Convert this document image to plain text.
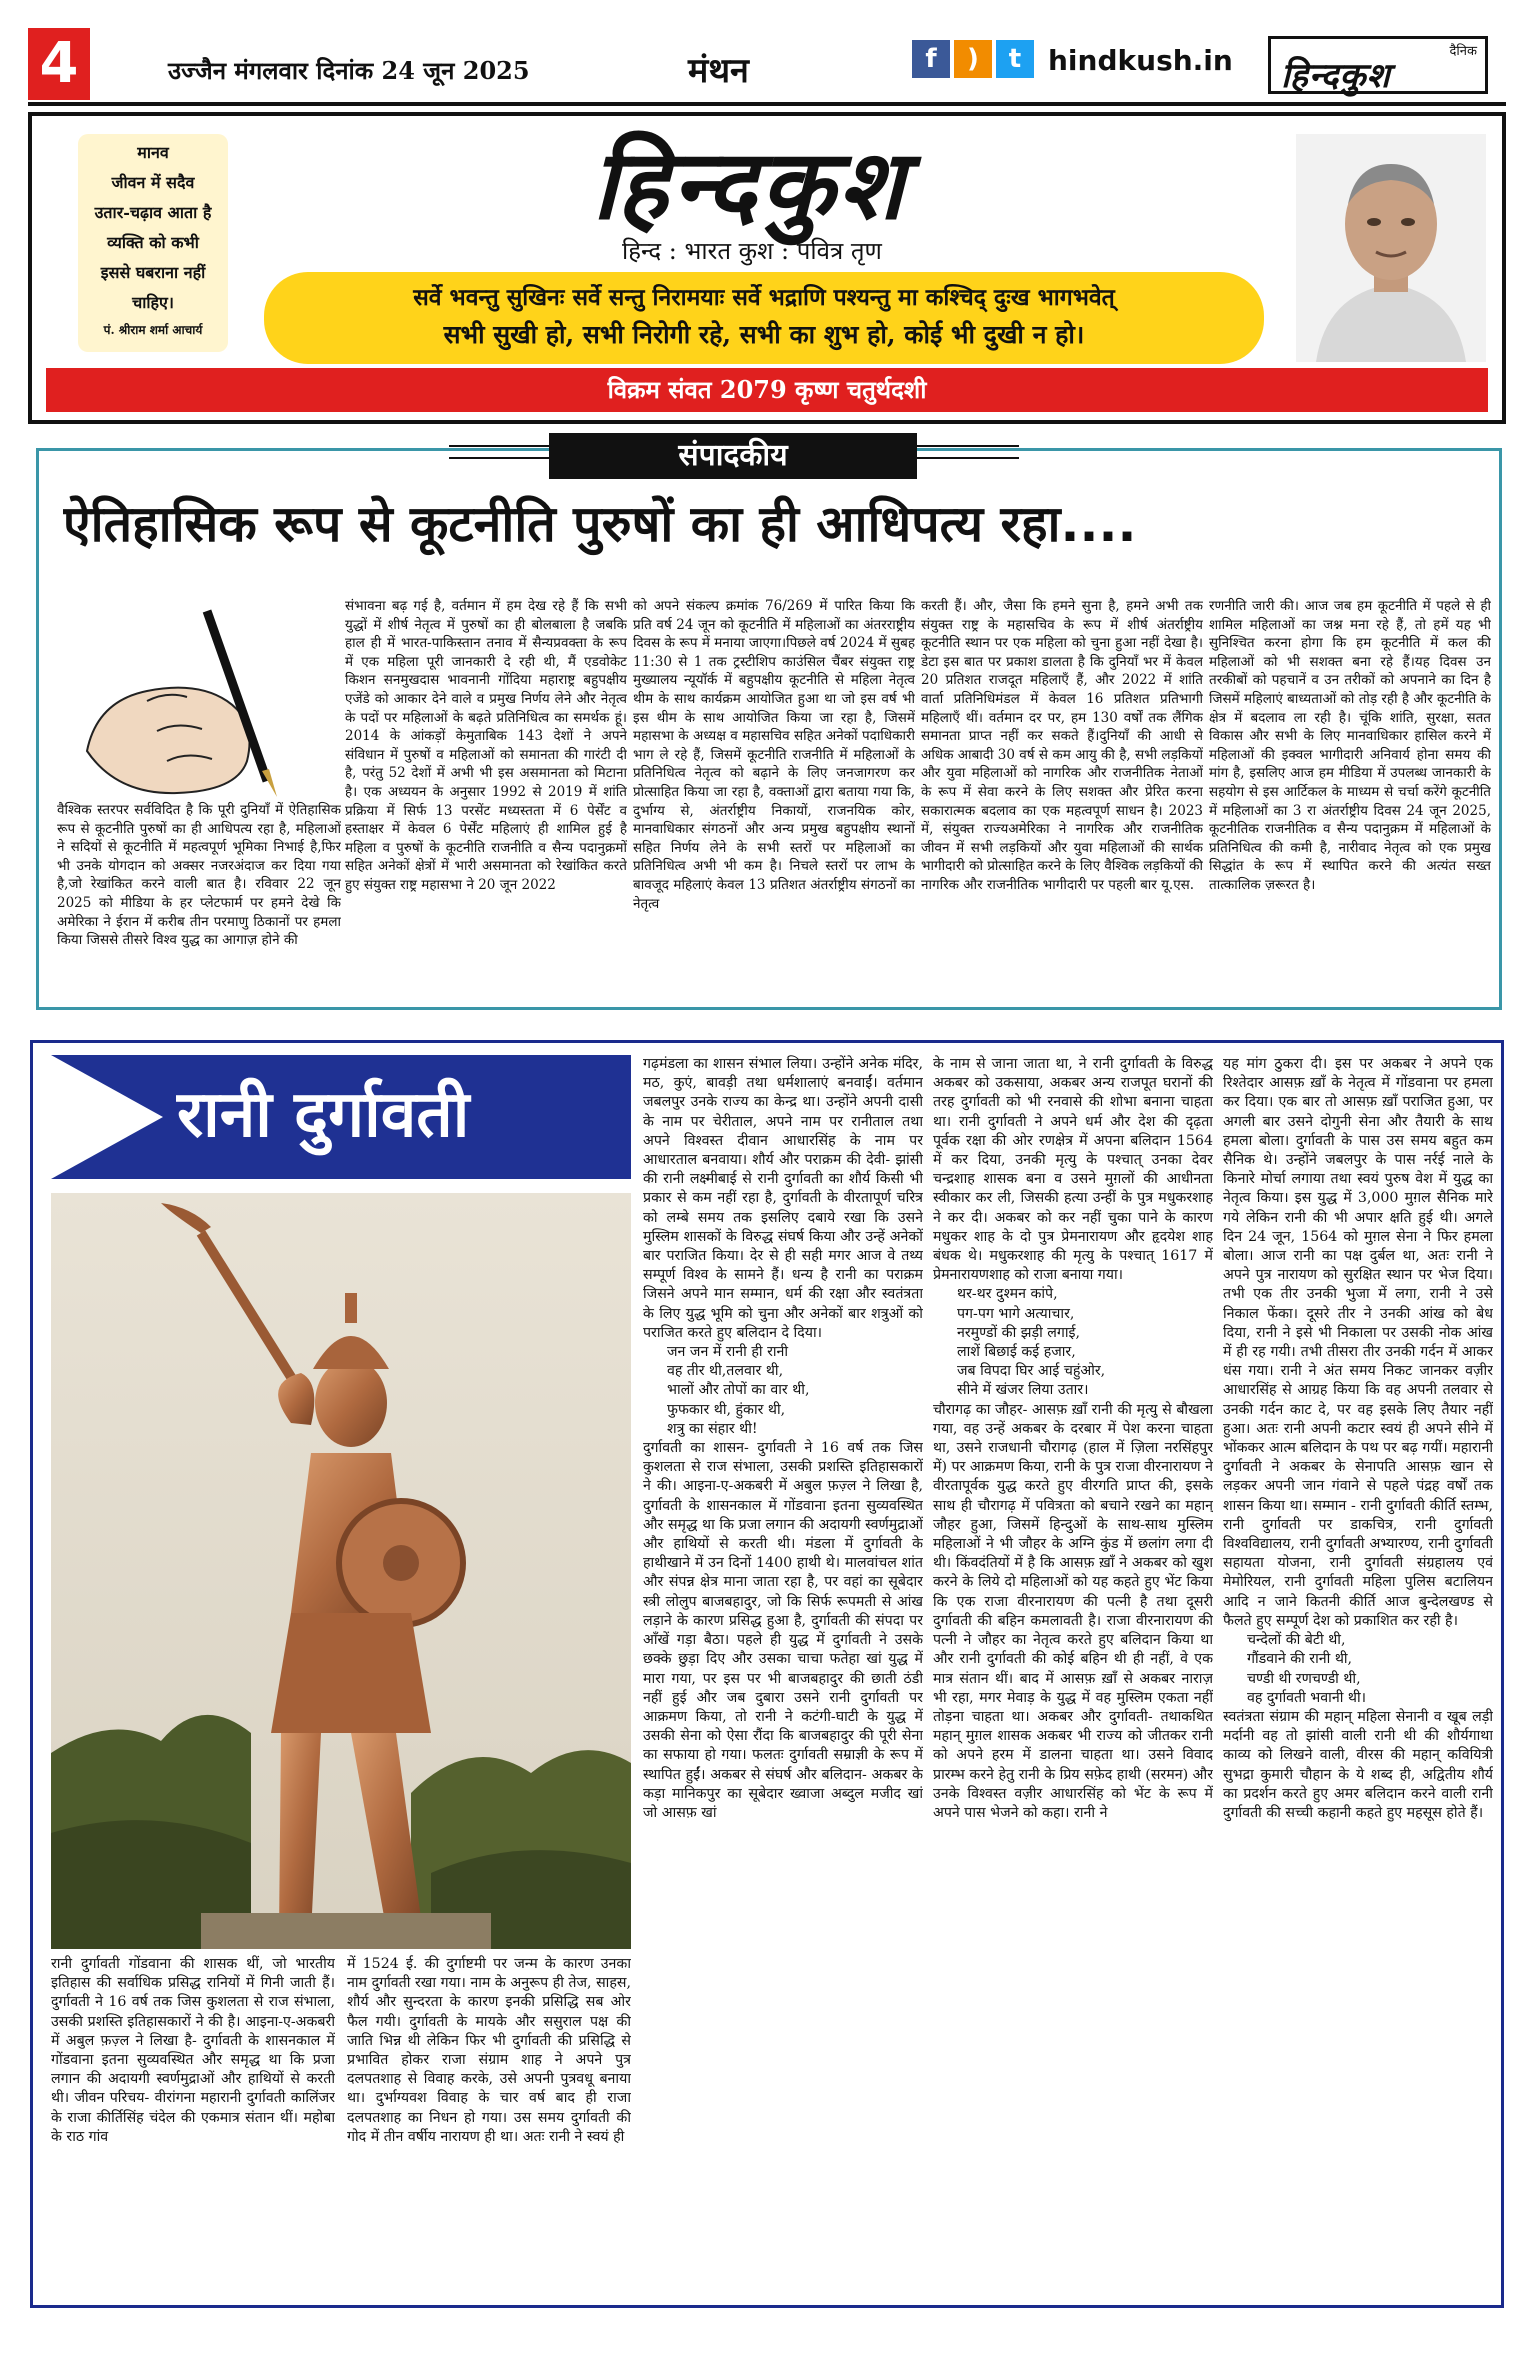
4	उज्जैन मंगलवार दिनांक 24 जून 2025	मंथन	f	)	t hindkush.in	दैनिक
हिन्दकुश
मानव
जीवन में सदैव
उतार-चढ़ाव आता है
व्यक्ति को कभी
इससे घबराना नहीं
चाहिए।
पं. श्रीराम शर्मा आचार्य
हिन्दकुश
हिन्द : भारत कुश : पवित्र तृण
सर्वे भवन्तु सुखिनः सर्वे सन्तु निरामयाः सर्वे भद्राणि पश्यन्तु मा कश्चिद् दुःख भागभवेत्
सभी सुखी हो, सभी निरोगी रहे, सभी का शुभ हो, कोई भी दुखी न हो।
विक्रम संवत 2079 कृष्ण चतुर्थदशी
संपादकीय
ऐतिहासिक रूप से कूटनीति पुरुषों का ही आधिपत्य रहा....
वैश्विक स्तरपर सर्वविदित है कि पूरी दुनियाँ में ऐतिहासिक रूप से कूटनीति पुरुषों का ही आधिपत्य रहा है, महिलाओं ने सदियों से कूटनीति में महत्वपूर्ण भूमिका निभाई है,फिर भी उनके योगदान को अक्सर नजरअंदाज कर दिया गया है,जो रेखांकित करने वाली बात है। रविवार 22 जून 2025 को मीडिया के हर प्लेटफार्म पर हमने देखे कि अमेरिका ने ईरान में करीब तीन परमाणु ठिकानों पर हमला किया जिससे तीसरे विश्व युद्ध का आगाज़ होने की
संभावना बढ़ गई है, वर्तमान में हम देख रहे हैं कि सभी युद्धों में शीर्ष नेतृत्व में पुरुषों का ही बोलबाला है जबकि हाल ही में भारत-पाकिस्तान तनाव में सैन्यप्रवक्ता के रूप में एक महिला पूरी जानकारी दे रही थी, मैं एडवोकेट किशन सनमुखदास भावनानी गोंदिया महाराष्ट्र बहुपक्षीय एजेंडे को आकार देने वाले व प्रमुख निर्णय लेने और नेतृत्व के पदों पर महिलाओं के बढ़ते प्रतिनिधित्व का समर्थक हूं।2014 के आंकड़ों केमुताबिक 143 देशों ने अपने संविधान में पुरुषों व महिलाओं को समानता की गारंटी दी है, परंतु 52 देशों में अभी भी इस असमानता को मिटाना है। एक अध्ययन के अनुसार 1992 से 2019 में शांति प्रक्रिया में सिर्फ 13 परसेंट मध्यस्तता में 6 पेर्सेंट व हस्ताक्षर में केवल 6 पेर्सेंट महिलाएं ही शामिल हुई है महिला व पुरुषों के कूटनीति राजनीति व सैन्य पदानुक्रमों सहित अनेकों क्षेत्रों में भारी असमानता को रेखांकित करते हुए संयुक्त राष्ट्र महासभा ने 20 जून 2022
को अपने संकल्प क्रमांक 76/269 में पारित किया कि प्रति वर्ष 24 जून को कूटनीति में महिलाओं का अंतरराष्ट्रीय दिवस के रूप में मनाया जाएगा।पिछले वर्ष 2024 में सुबह 11:30 से 1 तक ट्रस्टीशिप काउंसिल चैंबर संयुक्त राष्ट्र मुख्यालय न्यूयॉर्क में बहुपक्षीय कूटनीति से महिला नेतृत्व थीम के साथ कार्यक्रम आयोजित हुआ था जो इस वर्ष भी इस थीम के साथ आयोजित किया जा रहा है, जिसमें महासभा के अध्यक्ष व महासचिव सहित अनेकों पदाधिकारी भाग ले रहे हैं, जिसमें कूटनीति राजनीति में महिलाओं के प्रतिनिधित्व नेतृत्व को बढ़ाने के लिए जनजागरण कर प्रोत्साहित किया जा रहा है, वक्ताओं द्वारा बताया गया कि, दुर्भाग्य से, अंतर्राष्ट्रीय निकायों, राजनयिक कोर, मानवाधिकार संगठनों और अन्य प्रमुख बहुपक्षीय स्थानों सहित निर्णय लेने के सभी स्तरों पर महिलाओं का प्रतिनिधित्व अभी भी कम है। निचले स्तरों पर लाभ के बावजूद महिलाएं केवल 13 प्रतिशत अंतर्राष्ट्रीय संगठनों का नेतृत्व
करती हैं। और, जैसा कि हमने सुना है, हमने अभी तक संयुक्त राष्ट्र के महासचिव के रूप में शीर्ष अंतर्राष्ट्रीय कूटनीति स्थान पर एक महिला को चुना हुआ नहीं देखा है।डेटा इस बात पर प्रकाश डालता है कि दुनियाँ भर में केवल 20 प्रतिशत राजदूत महिलाएँ हैं, और 2022 में शांति वार्ता प्रतिनिधिमंडल में केवल 16 प्रतिशत प्रतिभागी महिलाएँ थीं। वर्तमान दर पर, हम 130 वर्षों तक लैंगिक समानता प्राप्त नहीं कर सकते हैं।दुनियाँ की आधी से अधिक आबादी 30 वर्ष से कम आयु की है, सभी लड़कियों और युवा महिलाओं को नागरिक और राजनीतिक नेताओं के रूप में सेवा करने के लिए सशक्त और प्रेरित करना सकारात्मक बदलाव का एक महत्वपूर्ण साधन है। 2023 में, संयुक्त राज्यअमेरिका ने नागरिक और राजनीतिक जीवन में सभी लड़कियों और युवा महिलाओं की सार्थक भागीदारी को प्रोत्साहित करने के लिए वैश्विक लड़कियों की नागरिक और राजनीतिक भागीदारी पर पहली बार यू.एस.
रणनीति जारी की। आज जब हम कूटनीति में पहले से ही शामिल महिलाओं का जश्न मना रहे हैं, तो हमें यह भी सुनिश्चित करना होगा कि हम कूटनीति में कल की महिलाओं को भी सशक्त बना रहे हैं।यह दिवस उन तरकीबों को पहचानें व उन तरीकों को अपनाने का दिन है जिसमें महिलाएं बाध्यताओं को तोड़ रही है और कूटनीति के क्षेत्र में बदलाव ला रही है। चूंकि शांति, सुरक्षा, सतत विकास और सभी के लिए मानवाधिकार हासिल करने में महिलाओं की इक्वल भागीदारी अनिवार्य होना समय की मांग है, इसलिए आज हम मीडिया में उपलब्ध जानकारी के सहयोग से इस आर्टिकल के माध्यम से चर्चा करेंगे कूटनीति में महिलाओं का 3 रा अंतर्राष्ट्रीय दिवस 24 जून 2025, कूटनीतिक राजनीतिक व सैन्य पदानुक्रम में महिलाओं के प्रतिनिधित्व की कमी है, नारीवाद नेतृत्व को एक प्रमुख सिद्धांत के रूप में स्थापित करने की अत्यंत सख्त तात्कालिक ज़रूरत है।
रानी दुर्गावती
रानी दुर्गावती गोंडवाना की शासक थीं, जो भारतीय इतिहास की सर्वाधिक प्रसिद्ध रानियों में गिनी जाती हैं। दुर्गावती ने 16 वर्ष तक जिस कुशलता से राज संभाला, उसकी प्रशस्ति इतिहासकारों ने की है। आइना-ए-अकबरी में अबुल फ़ज़्ल ने लिखा है- दुर्गावती के शासनकाल में गोंडवाना इतना सुव्यवस्थित और समृद्ध था कि प्रजा लगान की अदायगी स्वर्णमुद्राओं और हाथियों से करती थी। जीवन परिचय- वीरांगना महारानी दुर्गावती कालिंजर के राजा कीर्तिसिंह चंदेल की एकमात्र संतान थीं। महोबा के राठ गांव
में 1524 ई. की दुर्गाष्टमी पर जन्म के कारण उनका नाम दुर्गावती रखा गया। नाम के अनुरूप ही तेज, साहस, शौर्य और सुन्दरता के कारण इनकी प्रसिद्धि सब ओर फैल गयी। दुर्गावती के मायके और ससुराल पक्ष की जाति भिन्न थी लेकिन फिर भी दुर्गावती की प्रसिद्धि से प्रभावित होकर राजा संग्राम शाह ने अपने पुत्र दलपतशाह से विवाह करके, उसे अपनी पुत्रवधू बनाया था। दुर्भाग्यवश विवाह के चार वर्ष बाद ही राजा दलपतशाह का निधन हो गया। उस समय दुर्गावती की गोद में तीन वर्षीय नारायण ही था। अतः रानी ने स्वयं ही
गढ़मंडला का शासन संभाल लिया। उन्होंने अनेक मंदिर, मठ, कुएं, बावड़ी तथा धर्मशालाएं बनवाईं। वर्तमान जबलपुर उनके राज्य का केन्द्र था। उन्होंने अपनी दासी के नाम पर चेरीताल, अपने नाम पर रानीताल तथा अपने विश्वस्त दीवान आधारसिंह के नाम पर आधारताल बनवाया। शौर्य और पराक्रम की देवी- झांसी की रानी लक्ष्मीबाई से रानी दुर्गावती का शौर्य किसी भी प्रकार से कम नहीं रहा है, दुर्गावती के वीरतापूर्ण चरित्र को लम्बे समय तक इसलिए दबाये रखा कि उसने मुस्लिम शासकों के विरुद्ध संघर्ष किया और उन्हें अनेकों बार पराजित किया। देर से ही सही मगर आज वे तथ्य सम्पूर्ण विश्व के सामने हैं। धन्य है रानी का पराक्रम जिसने अपने मान सम्मान, धर्म की रक्षा और स्वतंत्रता के लिए युद्ध भूमि को चुना और अनेकों बार शत्रुओं को पराजित करते हुए बलिदान दे दिया।
जन जन में रानी ही रानी
वह तीर थी,तलवार थी,
भालों और तोपों का वार थी,
फुफकार थी, हुंकार थी,
शत्रु का संहार थी!
दुर्गावती का शासन- दुर्गावती ने 16 वर्ष तक जिस कुशलता से राज संभाला, उसकी प्रशस्ति इतिहासकारों ने की। आइना-ए-अकबरी में अबुल फ़ज़्ल ने लिखा है, दुर्गावती के शासनकाल में गोंडवाना इतना सुव्यवस्थित और समृद्ध था कि प्रजा लगान की अदायगी स्वर्णमुद्राओं और हाथियों से करती थी। मंडला में दुर्गावती के हाथीखाने में उन दिनों 1400 हाथी थे। मालवांचल शांत और संपन्न क्षेत्र माना जाता रहा है, पर वहां का सूबेदार स्त्री लोलुप बाजबहादुर, जो कि सिर्फ रूपमती से आंख लड़ाने के कारण प्रसिद्ध हुआ है, दुर्गावती की संपदा पर आँखें गड़ा बैठा। पहले ही युद्ध में दुर्गावती ने उसके छक्के छुड़ा दिए और उसका चाचा फतेहा खां युद्ध में मारा गया, पर इस पर भी बाजबहादुर की छाती ठंडी नहीं हुई और जब दुबारा उसने रानी दुर्गावती पर आक्रमण किया, तो रानी ने कटंगी-घाटी के युद्ध में उसकी सेना को ऐसा रौंदा कि बाजबहादुर की पूरी सेना का सफाया हो गया। फलतः दुर्गावती सम्राज्ञी के रूप में स्थापित हुईं। अकबर से संघर्ष और बलिदान- अकबर के कड़ा मानिकपुर का सूबेदार ख्वाजा अब्दुल मजीद खां जो आसफ़ खां
के नाम से जाना जाता था, ने रानी दुर्गावती के विरुद्ध अकबर को उकसाया, अकबर अन्य राजपूत घरानों की तरह दुर्गावती को भी रनवासे की शोभा बनाना चाहता था। रानी दुर्गावती ने अपने धर्म और देश की दृढ़ता पूर्वक रक्षा की ओर रणक्षेत्र में अपना बलिदान 1564 में कर दिया, उनकी मृत्यु के पश्चात् उनका देवर चन्द्रशाह शासक बना व उसने मुग़लों की आधीनता स्वीकार कर ली, जिसकी हत्या उन्हीं के पुत्र मधुकरशाह ने कर दी। अकबर को कर नहीं चुका पाने के कारण मधुकर शाह के दो पुत्र प्रेमनारायण और हृदयेश शाह बंधक थे। मधुकरशाह की मृत्यु के पश्चात् 1617 में प्रेमनारायणशाह को राजा बनाया गया।
थर-थर दुश्मन कांपे,
पग-पग भागे अत्याचार,
नरमुण्डों की झड़ी लगाई,
लाशें बिछाई कई हजार,
जब विपदा घिर आई चहुंओर,
सीने में खंजर लिया उतार।
चौरागढ़ का जौहर- आसफ़ ख़ाँ रानी की मृत्यु से बौखला गया, वह उन्हें अकबर के दरबार में पेश करना चाहता था, उसने राजधानी चौरागढ़ (हाल में ज़िला नरसिंहपुर में) पर आक्रमण किया, रानी के पुत्र राजा वीरनारायण ने वीरतापूर्वक युद्ध करते हुए वीरगति प्राप्त की, इसके साथ ही चौरागढ़ में पवित्रता को बचाने रखने का महान् जौहर हुआ, जिसमें हिन्दुओं के साथ-साथ मुस्लिम महिलाओं ने भी जौहर के अग्नि कुंड में छलांग लगा दी थी। किंवदंतियों में है कि आसफ़ ख़ाँ ने अकबर को खुश करने के लिये दो महिलाओं को यह कहते हुए भेंट किया कि एक राजा वीरनारायण की पत्नी है तथा दूसरी दुर्गावती की बहिन कमलावती है। राजा वीरनारायण की पत्नी ने जौहर का नेतृत्व करते हुए बलिदान किया था और रानी दुर्गावती की कोई बहिन थी ही नहीं, वे एक मात्र संतान थीं। बाद में आसफ़ ख़ाँ से अकबर नाराज़ भी रहा, मगर मेवाड़ के युद्ध में वह मुस्लिम एकता नहीं तोड़ना चाहता था। अकबर और दुर्गावती- तथाकथित महान् मुग़ल शासक अकबर भी राज्य को जीतकर रानी को अपने हरम में डालना चाहता था। उसने विवाद प्रारम्भ करने हेतु रानी के प्रिय सफ़ेद हाथी (सरमन) और उनके विश्वस्त वज़ीर आधारसिंह को भेंट के रूप में अपने पास भेजने को कहा। रानी ने
यह मांग ठुकरा दी। इस पर अकबर ने अपने एक रिश्तेदार आसफ़ ख़ाँ के नेतृत्व में गोंडवाना पर हमला कर दिया। एक बार तो आसफ़ ख़ाँ पराजित हुआ, पर अगली बार उसने दोगुनी सेना और तैयारी के साथ हमला बोला। दुर्गावती के पास उस समय बहुत कम सैनिक थे। उन्होंने जबलपुर के पास नर्रई नाले के किनारे मोर्चा लगाया तथा स्वयं पुरुष वेश में युद्ध का नेतृत्व किया। इस युद्ध में 3,000 मुग़ल सैनिक मारे गये लेकिन रानी की भी अपार क्षति हुई थी। अगले दिन 24 जून, 1564 को मुग़ल सेना ने फिर हमला बोला। आज रानी का पक्ष दुर्बल था, अतः रानी ने अपने पुत्र नारायण को सुरक्षित स्थान पर भेज दिया। तभी एक तीर उनकी भुजा में लगा, रानी ने उसे निकाल फेंका। दूसरे तीर ने उनकी आंख को बेध दिया, रानी ने इसे भी निकाला पर उसकी नोक आंख में ही रह गयी। तभी तीसरा तीर उनकी गर्दन में आकर धंस गया। रानी ने अंत समय निकट जानकर वज़ीर आधारसिंह से आग्रह किया कि वह अपनी तलवार से उनकी गर्दन काट दे, पर वह इसके लिए तैयार नहीं हुआ। अतः रानी अपनी कटार स्वयं ही अपने सीने में भोंककर आत्म बलिदान के पथ पर बढ़ गयीं। महारानी दुर्गावती ने अकबर के सेनापति आसफ़ खान से लड़कर अपनी जान गंवाने से पहले पंद्रह वर्षों तक शासन किया था। सम्मान - रानी दुर्गावती कीर्ति स्तम्भ, रानी दुर्गावती पर डाकचित्र, रानी दुर्गावती विश्वविद्यालय, रानी दुर्गावती अभ्यारण्य, रानी दुर्गावती सहायता योजना, रानी दुर्गावती संग्रहालय एवं मेमोरियल, रानी दुर्गावती महिला पुलिस बटालियन आदि न जाने कितनी कीर्ति आज बुन्देलखण्ड से फैलते हुए सम्पूर्ण देश को प्रकाशित कर रही है।
चन्देलों की बेटी थी,
गौंडवाने की रानी थी,
चण्डी थी रणचण्डी थी,
वह दुर्गावती भवानी थी।
स्वतंत्रता संग्राम की महान् महिला सेनानी व खूब लड़ी मर्दानी वह तो झांसी वाली रानी थी की शौर्यगाथा काव्य को लिखने वाली, वीरस की महान् कवियित्री सुभद्रा कुमारी चौहान के ये शब्द ही, अद्वितीय शौर्य का प्रदर्शन करते हुए अमर बलिदान करने वाली रानी दुर्गावती की सच्ची कहानी कहते हुए महसूस होते हैं।
